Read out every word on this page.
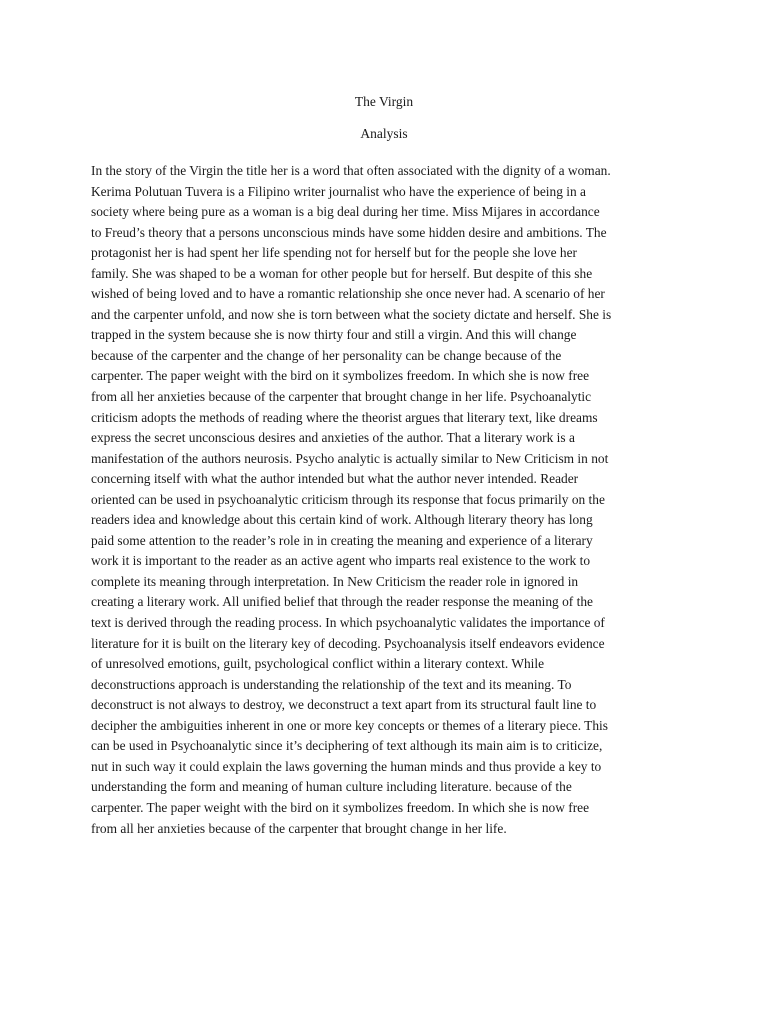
The Virgin
Analysis
In the story of the Virgin the title her is a word that often associated with the dignity of a woman.
Kerima Polutuan Tuvera is a Filipino writer journalist who have the experience of being in a
society where being pure as a woman is a big deal during her time. Miss Mijares in accordance
to Freud’s theory that a persons unconscious minds have some hidden desire and ambitions. The
protagonist her is had spent her life spending not for herself but for the people she love her
family. She was shaped to be a woman for other people but for herself. But despite of this she
wished of being loved and to have a romantic relationship she once never had. A scenario of her
and the carpenter unfold, and now she is torn between what the society dictate and herself. She is
trapped in the system because she is now thirty four and still a virgin. And this will change
because of the carpenter and the change of her personality can be change because of the
carpenter. The paper weight with the bird on it symbolizes freedom. In which she is now free
from all her anxieties because of the carpenter that brought change in her life. Psychoanalytic
criticism adopts the methods of reading where the theorist argues that literary text, like dreams
express the secret unconscious desires and anxieties of the author. That a literary work is a
manifestation of the authors neurosis. Psycho analytic is actually similar to New Criticism in not
concerning itself with what the author intended but what the author never intended. Reader
oriented can be used in psychoanalytic criticism through its response that focus primarily on the
readers idea and knowledge about this certain kind of work. Although literary theory has long
paid some attention to the reader’s role in in creating the meaning and experience of a literary
work it is important to the reader as an active agent who imparts real existence to the work to
complete its meaning through interpretation. In New Criticism the reader role in ignored in
creating a literary work. All unified belief that through the reader response the meaning of the
text is derived through the reading process. In which psychoanalytic validates the importance of
literature for it is built on the literary key of decoding. Psychoanalysis itself endeavors evidence
of unresolved emotions, guilt, psychological conflict within a literary context. While
deconstructions approach is understanding the relationship of the text and its meaning. To
deconstruct is not always to destroy, we deconstruct a text apart from its structural fault line to
decipher the ambiguities inherent in one or more key concepts or themes of a literary piece. This
can be used in Psychoanalytic since it’s deciphering of text although its main aim is to criticize,
nut in such way it could explain the laws governing the human minds and thus provide a key to
understanding the form and meaning of human culture including literature. because of the
carpenter. The paper weight with the bird on it symbolizes freedom. In which she is now free
from all her anxieties because of the carpenter that brought change in her life.
